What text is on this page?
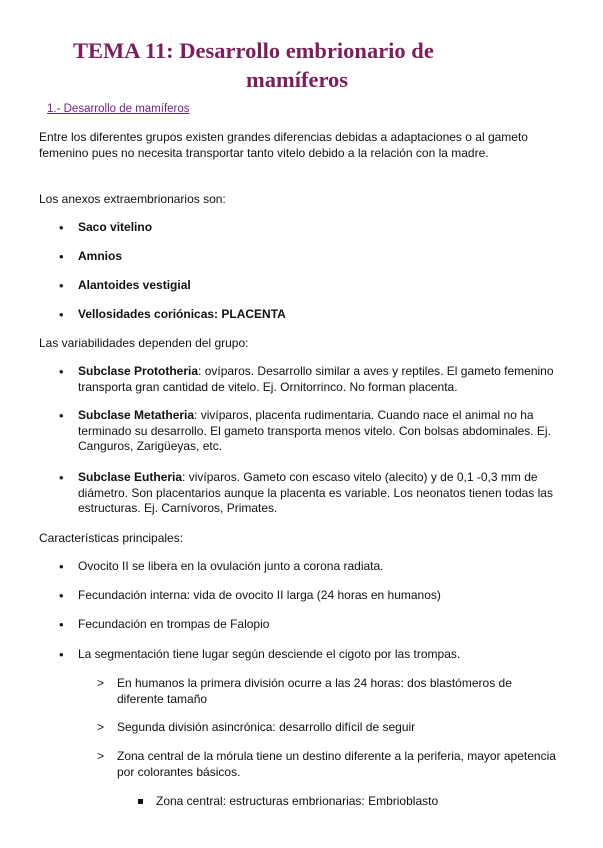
TEMA 11: Desarrollo embrionario de
mamíferos
1.- Desarrollo de mamíferos

Entre los diferentes grupos existen grandes diferencias debidas a adaptaciones o al gameto femenino pues no necesita transportar tanto vitelo debido a la relación con la madre.

Los anexos extraembrionarios son:

• Saco vitelino
• Amnios
• Alantoides vestigial
• Vellosidades coriónicas: PLACENTA

Las variabilidades dependen del grupo:

• Subclase Prototheria: ovíparos. Desarrollo similar a aves y reptiles. El gameto femenino transporta gran cantidad de vitelo. Ej. Ornitorrinco. No forman placenta.
• Subclase Metatheria: vivíparos, placenta rudimentaria. Cuando nace el animal no ha terminado su desarrollo. El gameto transporta menos vitelo. Con bolsas abdominales. Ej. Canguros, Zarigüeyas, etc.
• Subclase Eutheria: vivíparos. Gameto con escaso vitelo (alecito) y de 0,1 -0,3 mm de diámetro. Son placentarios aunque la placenta es variable. Los neonatos tienen todas las estructuras. Ej. Carnívoros, Primates.

Características principales:

• Ovocito II se libera en la ovulación junto a corona radiata.
• Fecundación interna: vida de ovocito II larga (24 horas en humanos)
• Fecundación en trompas de Falopio
• La segmentación tiene lugar según desciende el cigoto por las trompas.
> En humanos la primera división ocurre a las 24 horas: dos blastómeros de diferente tamaño
> Segunda división asincrónica: desarrollo difícil de seguir
> Zona central de la mórula tiene un destino diferente a la periferia, mayor apetencia por colorantes básicos.
Zona central: estructuras embrionarias: Embrioblasto
